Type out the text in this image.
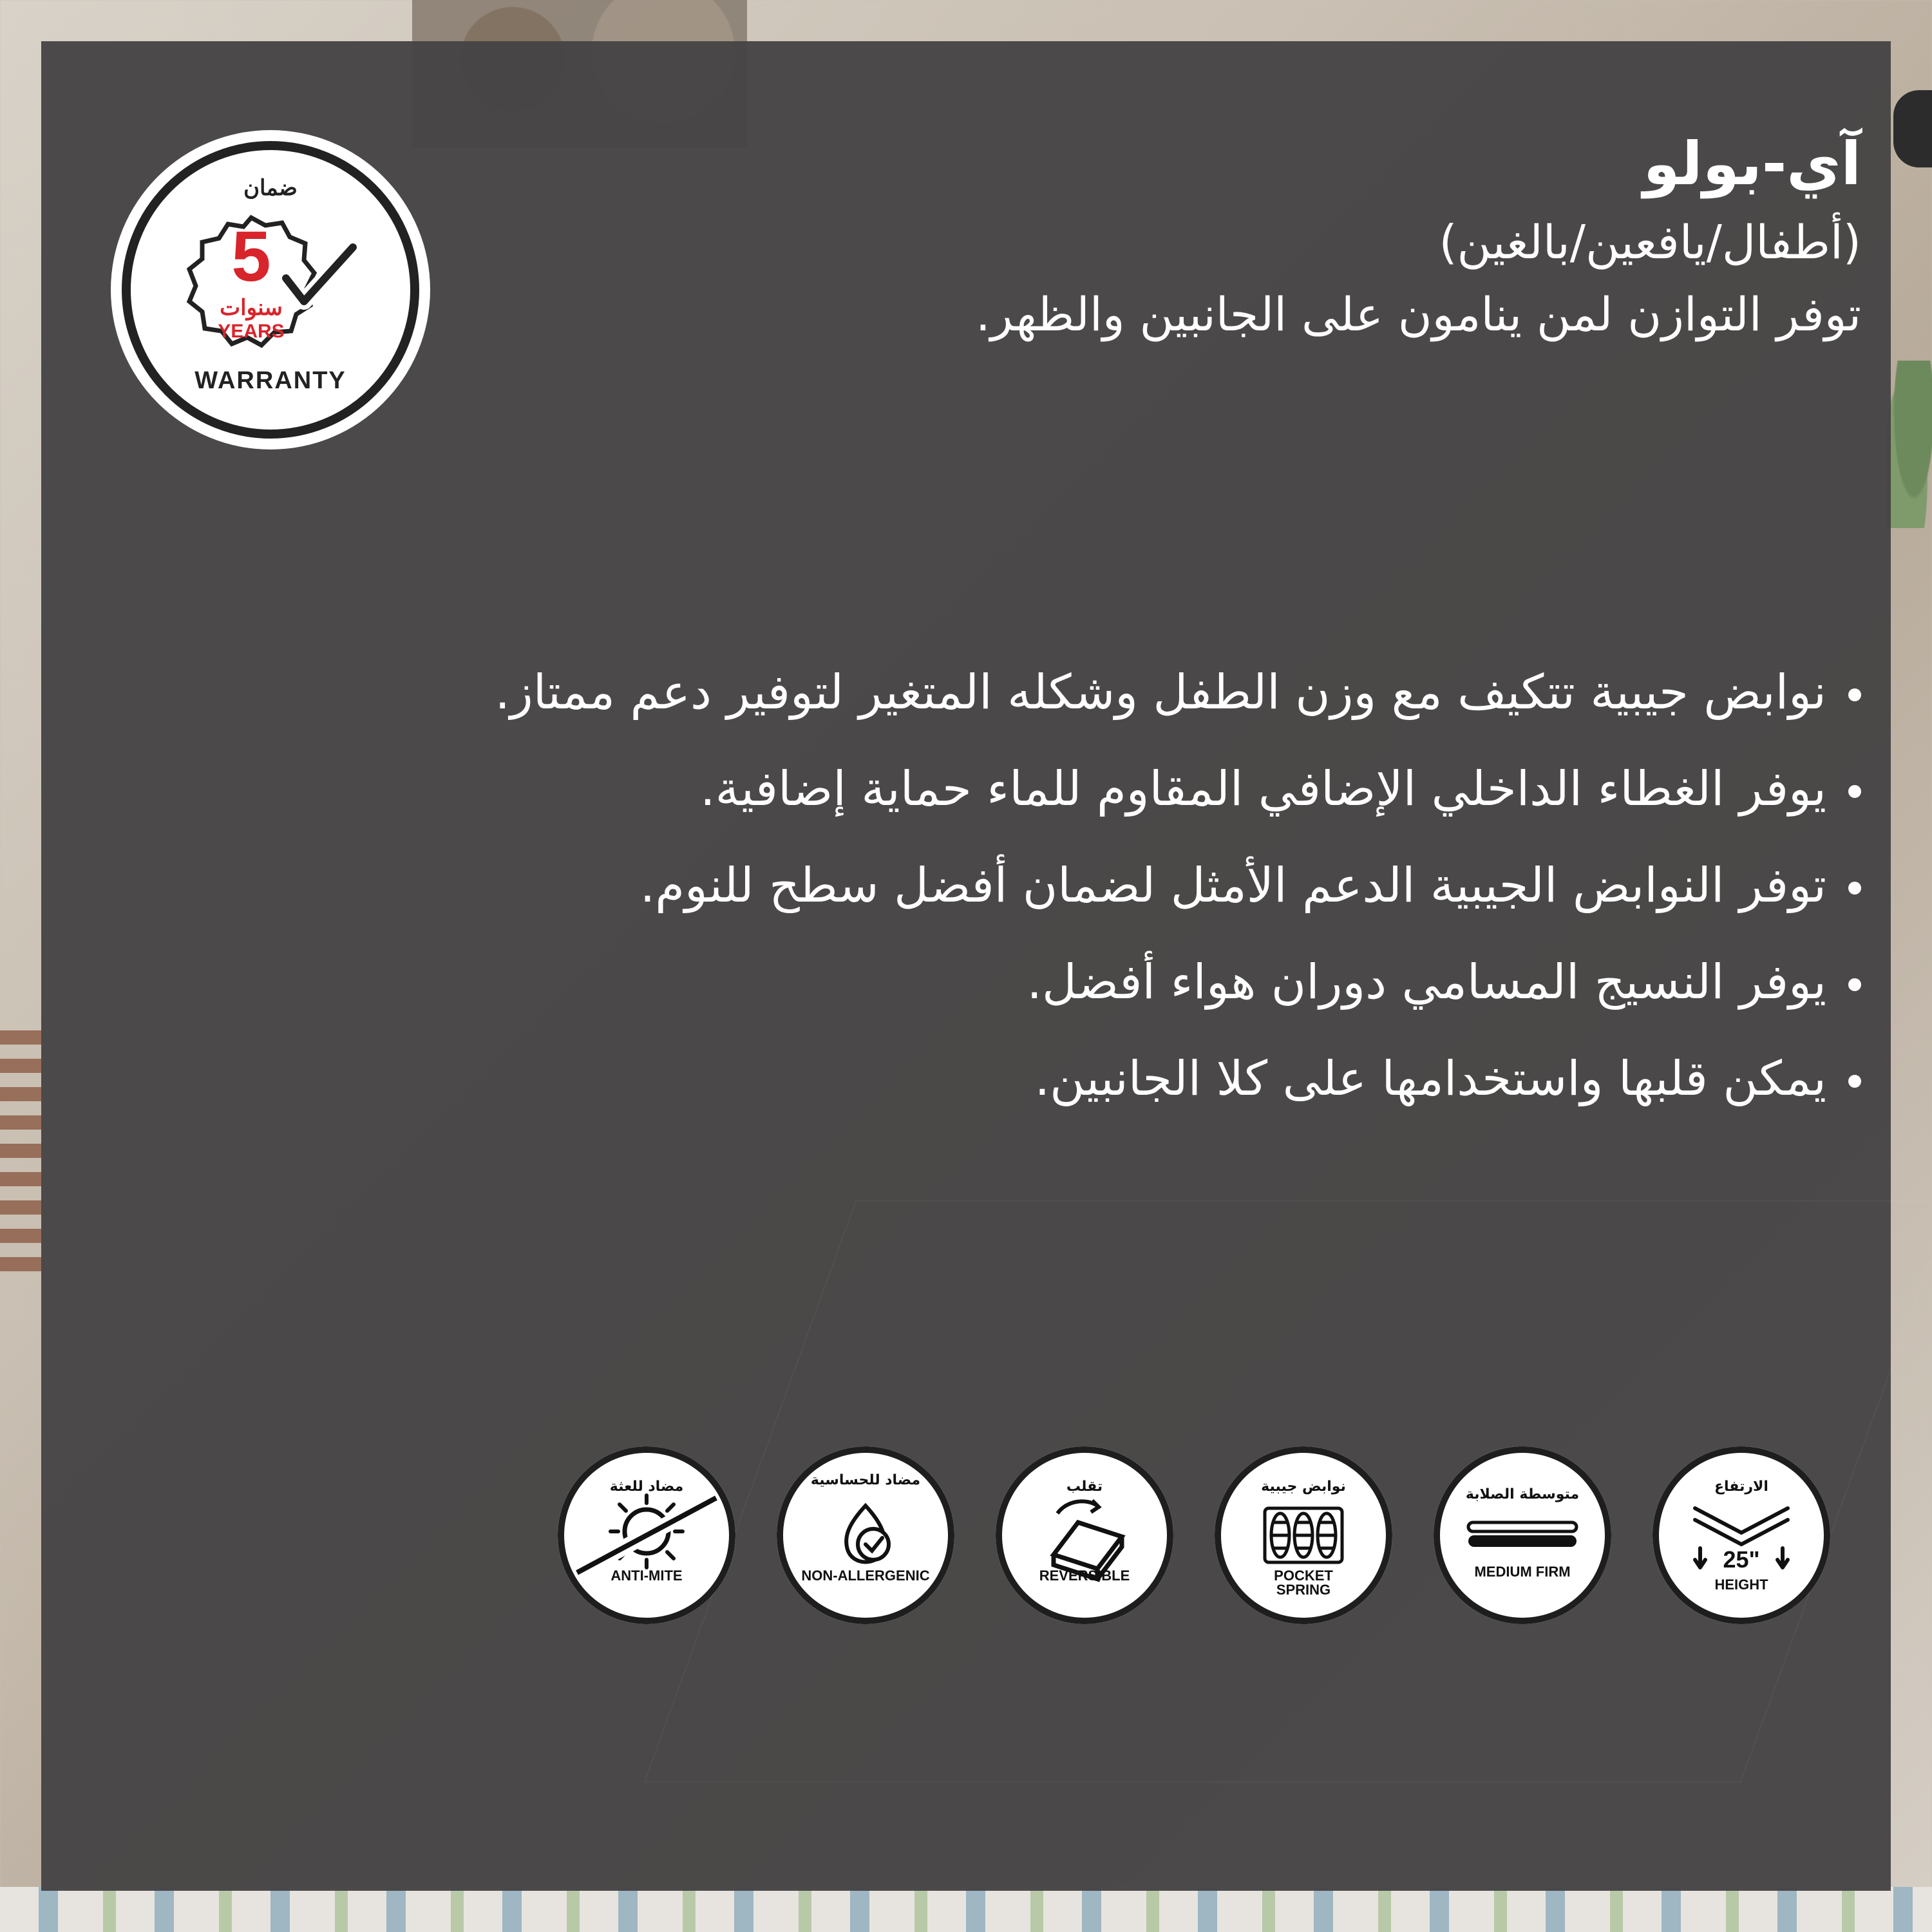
ضمان
5
سنوات
YEARS
WARRANTY

آي-بولو

(أطفال/يافعين/بالغين)

توفر التوازن لمن ينامون على الجانبين والظهر.

نوابض جيبية تتكيف مع وزن الطفل وشكله المتغير لتوفير دعم ممتاز.
يوفر الغطاء الداخلي الإضافي المقاوم للماء حماية إضافية.
توفر النوابض الجيبية الدعم الأمثل لضمان أفضل سطح للنوم.
يوفر النسيج المسامي دوران هواء أفضل.
يمكن قلبها واستخدامها على كلا الجانبين.
مضاد للعثة
ANTI-MITE
مضاد للحساسية
NON-ALLERGENIC
تقلب
REVERSIBLE
نوابض جيبية
POCKET SPRING
متوسطة الصلابة
MEDIUM FIRM	25"
الارتفاع
HEIGHT
